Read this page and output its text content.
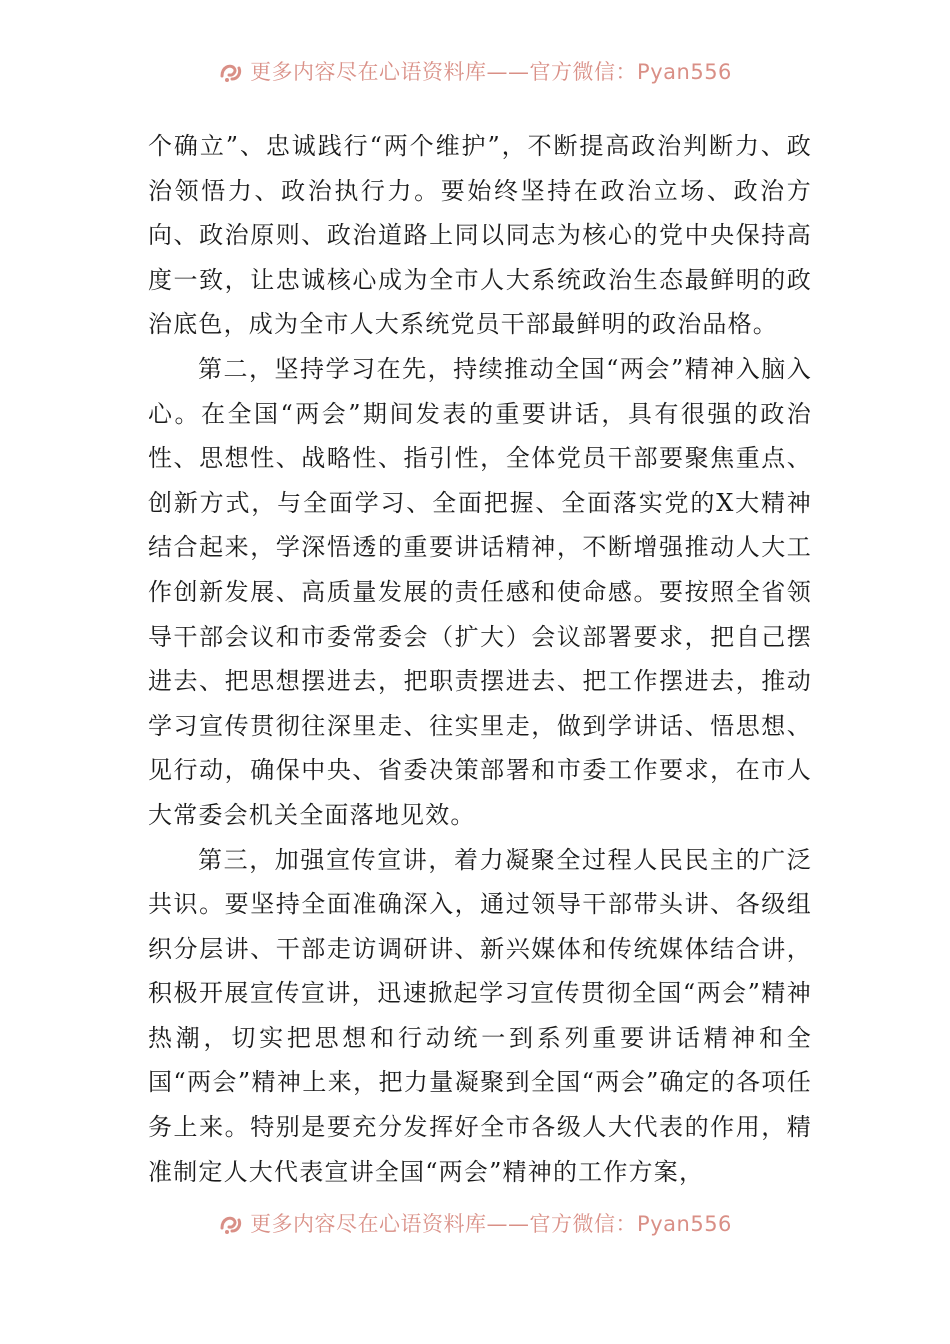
更多内容尽在心语资料库——官方微信：Pyan556

个确立”、忠诚践行“两个维护”，不断提高政治判断力、政治领悟力、政治执行力。要始终坚持在政治立场、政治方向、政治原则、政治道路上同以同志为核心的党中央保持高度一致，让忠诚核心成为全市人大系统政治生态最鲜明的政治底色，成为全市人大系统党员干部最鲜明的政治品格。

第二，坚持学习在先，持续推动全国“两会”精神入脑入心。在全国“两会”期间发表的重要讲话，具有很强的政治性、思想性、战略性、指引性，全体党员干部要聚焦重点、创新方式，与全面学习、全面把握、全面落实党的X大精神结合起来，学深悟透的重要讲话精神，不断增强推动人大工作创新发展、高质量发展的责任感和使命感。要按照全省领导干部会议和市委常委会（扩大）会议部署要求，把自己摆进去、把思想摆进去，把职责摆进去、把工作摆进去，推动学习宣传贯彻往深里走、往实里走，做到学讲话、悟思想、见行动，确保中央、省委决策部署和市委工作要求，在市人大常委会机关全面落地见效。

第三，加强宣传宣讲，着力凝聚全过程人民民主的广泛共识。要坚持全面准确深入，通过领导干部带头讲、各级组织分层讲、干部走访调研讲、新兴媒体和传统媒体结合讲，积极开展宣传宣讲，迅速掀起学习宣传贯彻全国“两会”精神热潮，切实把思想和行动统一到系列重要讲话精神和全国“两会”精神上来，把力量凝聚到全国“两会”确定的各项任务上来。特别是要充分发挥好全市各级人大代表的作用，精准制定人大代表宣讲全国“两会”精神的工作方案，

更多内容尽在心语资料库——官方微信：Pyan556
